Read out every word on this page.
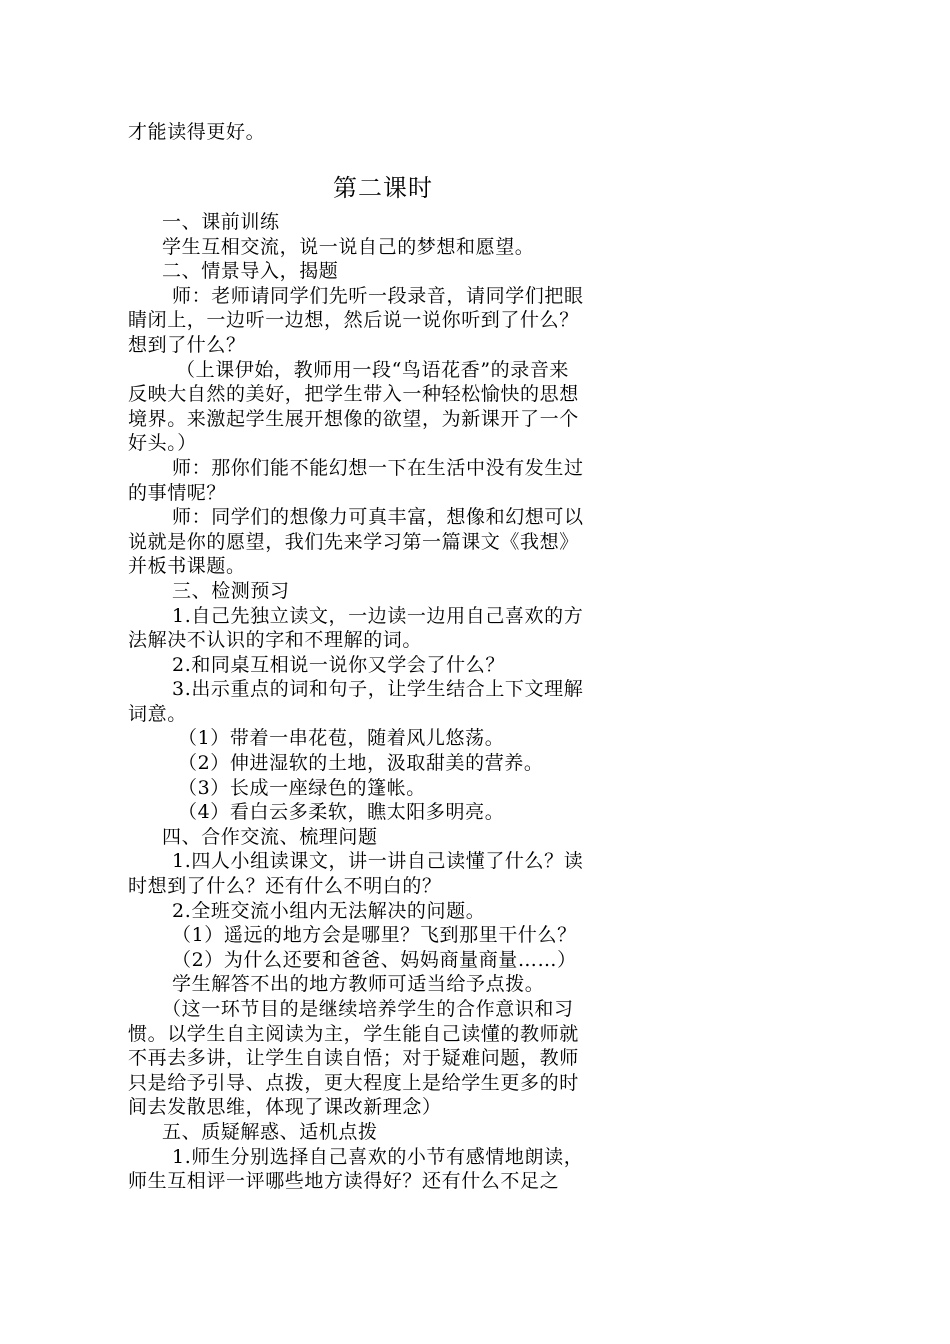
才能读得更好。
第二课时
一、课前训练
学生互相交流，说一说自己的梦想和愿望。
二、情景导入，揭题
师：老师请同学们先听一段录音，请同学们把眼
睛闭上，一边听一边想，然后说一说你听到了什么？
想到了什么？
（上课伊始，教师用一段“鸟语花香”的录音来
反映大自然的美好，把学生带入一种轻松愉快的思想
境界。来激起学生展开想像的欲望，为新课开了一个
好头。）
师：那你们能不能幻想一下在生活中没有发生过
的事情呢？
师：同学们的想像力可真丰富，想像和幻想可以
说就是你的愿望，我们先来学习第一篇课文《我想》
并板书课题。
三、检测预习
1.自己先独立读文，一边读一边用自己喜欢的方
法解决不认识的字和不理解的词。
2.和同桌互相说一说你又学会了什么？
3.出示重点的词和句子，让学生结合上下文理解
词意。
（1）带着一串花苞，随着风儿悠荡。
（2）伸进湿软的土地，汲取甜美的营养。
（3）长成一座绿色的篷帐。
（4）看白云多柔软，瞧太阳多明亮。
四、合作交流、梳理问题
1.四人小组读课文，讲一讲自己读懂了什么？读
时想到了什么？还有什么不明白的？
2.全班交流小组内无法解决的问题。
（1）遥远的地方会是哪里？飞到那里干什么？
（2）为什么还要和爸爸、妈妈商量商量……）
学生解答不出的地方教师可适当给予点拨。
（这一环节目的是继续培养学生的合作意识和习
惯。以学生自主阅读为主，学生能自己读懂的教师就
不再去多讲，让学生自读自悟；对于疑难问题，教师
只是给予引导、点拨，更大程度上是给学生更多的时
间去发散思维，体现了课改新理念）
五、质疑解惑、适机点拨
1.师生分别选择自己喜欢的小节有感情地朗读，
师生互相评一评哪些地方读得好？还有什么不足之
